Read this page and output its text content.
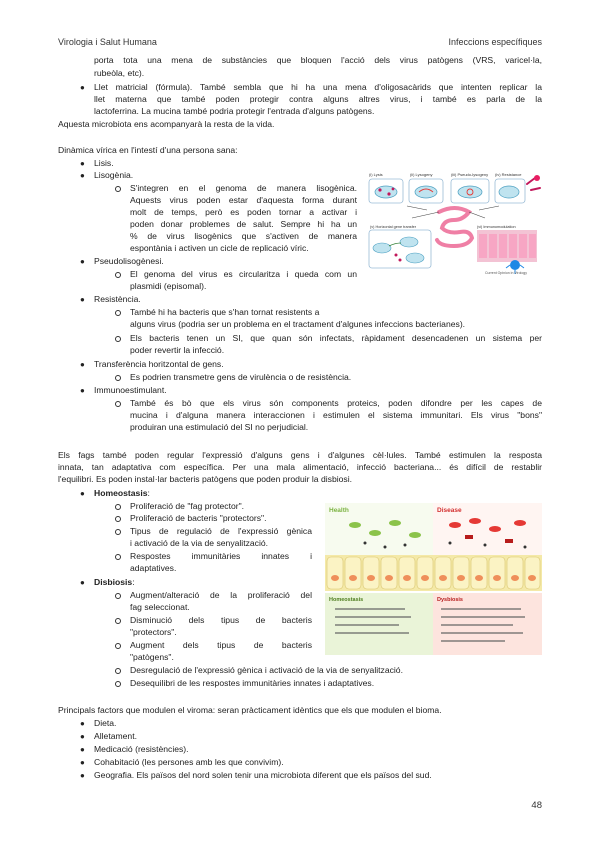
Virologia i Salut Humana	Infeccions específiques
porta tota una mena de substàncies que bloquen l'acció dels virus patògens (VRS, varicel·la,
rubeòla, etc).
● Llet matricial (fórmula). També sembla que hi ha una mena d'oligosacàrids que intenten replicar la
llet materna que també poden protegir contra alguns altres virus, i també es parla de la
lactoferrina. La mucina també podria protegir l'entrada d'alguns patògens.
Aquesta microbiota ens acompanyarà la resta de la vida.
Dinàmica vírica en l'intestí d'una persona sana:
● Lisis.
● Lisogènia.
S'integren en el genoma de manera lisogènica.
Aquests virus poden estar d'aquesta forma durant
molt de temps, però es poden tornar a activar i
poden donar problemes de salut. Sempre hi ha un
% de virus lisogènics que s'activen de manera
espontània i activen un cicle de replicació víric.
● Pseudolisogènesi.
El genoma del virus es circularitza i queda com un
plasmidi (episomal).
● Resistència.
També hi ha bacteris que s'han tornat resistents a
alguns virus (podria ser un problema en el tractament d'algunes infeccions bacterianes).
Els bacteris tenen un SI, que quan són infectats, ràpidament desencadenen un sistema per
poder revertir la infecció.
● Transferència horitzontal de gens.
Es podrien transmetre gens de virulència o de resistència.
● Immunoestimulant.
També és bò que els virus són components proteics, poden difondre per les capes de
mucina i d'alguna manera interaccionen i estimulen el sistema immunitari. Els virus "bons"
produiran una estimulació del SI no perjudicial.
(i) Lysis	(ii) Lysogeny	(iii) Pseudo-lysogeny (iv) Resistance
(v) Horizontal gene transfer	(vi) Immunomodulation
Current Opinion in Virology
Els fags també poden regular l'expressió d'alguns gens i d'algunes cèl·lules. També estimulen la resposta
innata, tan adaptativa com específica. Per una mala alimentació, infecció bacteriana... és difícil de restablir
l'equilibri. Es poden instal·lar bacteris patògens que poden produir la disbiosi.
● Homeostasis:
Proliferació de "fag protector".
Proliferació de bacteris "protectors".
Tipus de regulació de l'expressió gènica
i activació de la via de senyalització.
Respostes immunitàries innates i
adaptatives.
● Disbiosis:
Augment/alteració de la proliferació del
fag seleccionat.
Disminució dels tipus de bacteris
"protectors".
Augment dels tipus de bacteris
"patògens".
Desregulació de l'expressió gènica i activació de la via de senyalització.
Desequilibri de les respostes immunitàries innates i adaptatives.
Health	Disease
Homeostasis	Dysbiosis
Principals factors que modulen el viroma: seran pràcticament idèntics que els que modulen el bioma.
● Dieta.
● Alletament.
● Medicació (resistències).
● Cohabitació (les persones amb les que convivim).
● Geografia. Els països del nord solen tenir una microbiota diferent que els països del sud.
48
